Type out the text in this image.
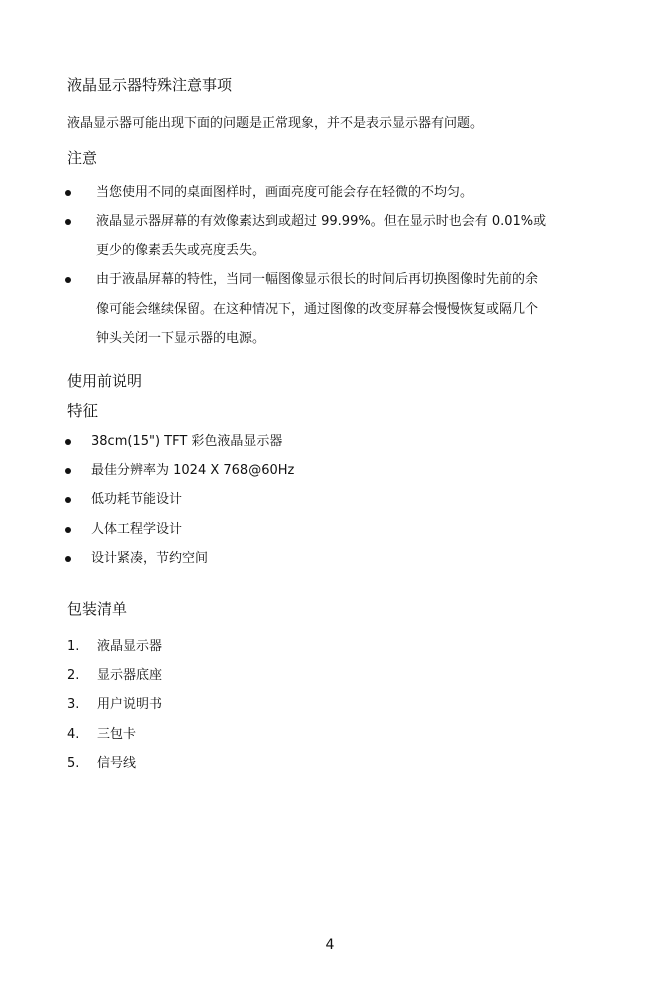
液晶显示器特殊注意事项
液晶显示器可能出现下面的问题是正常现象，并不是表示显示器有问题。
注意
当您使用不同的桌面图样时，画面亮度可能会存在轻微的不均匀。
液晶显示器屏幕的有效像素达到或超过 99.99%。但在显示时也会有 0.01%或
更少的像素丢失或亮度丢失。
由于液晶屏幕的特性，当同一幅图像显示很长的时间后再切换图像时先前的余
像可能会继续保留。在这种情况下，通过图像的改变屏幕会慢慢恢复或隔几个
钟头关闭一下显示器的电源。
使用前说明
特征
38cm(15") TFT 彩色液晶显示器
最佳分辨率为 1024 X 768@60Hz
低功耗节能设计
人体工程学设计
设计紧凑，节约空间
包装清单
1. 液晶显示器
2. 显示器底座
3. 用户说明书
4. 三包卡
5. 信号线
4
